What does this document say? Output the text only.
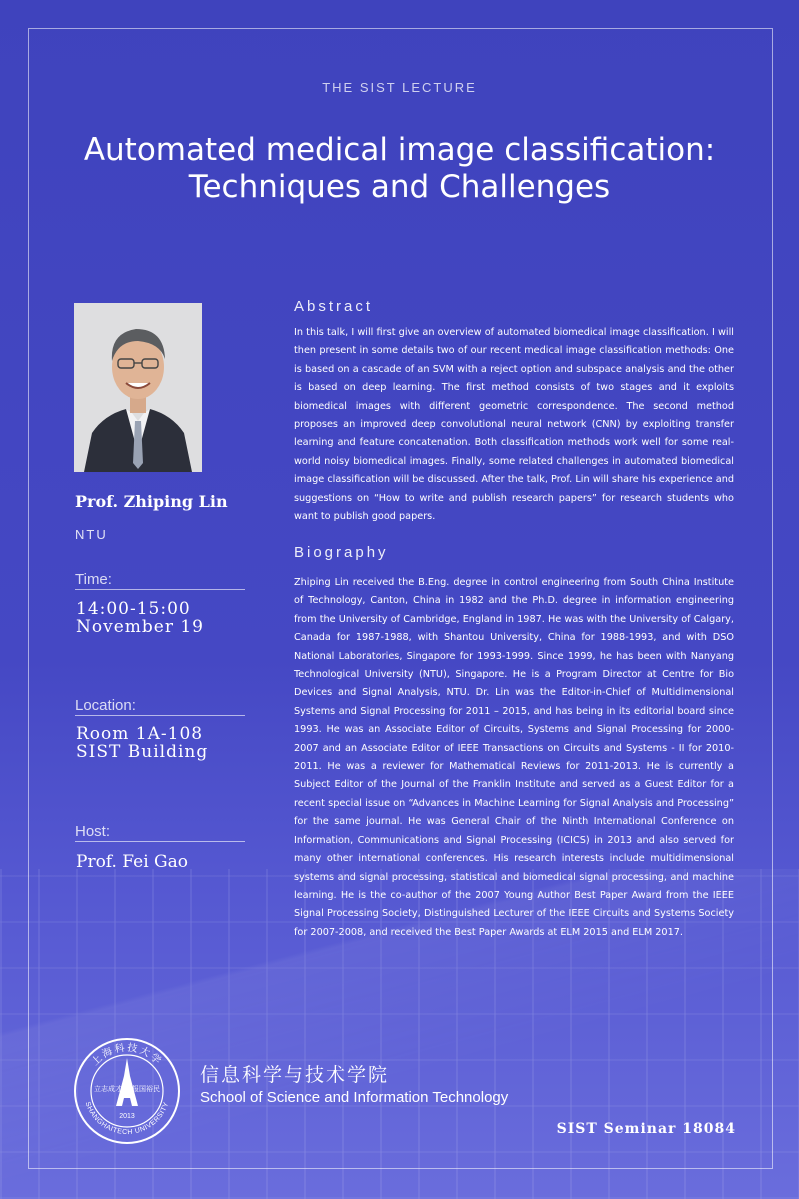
THE SIST LECTURE
Automated medical image classification:
Techniques and Challenges
Prof. Zhiping Lin
NTU
Time:
14:00-15:00
November 19
Location:
Room 1A-108
SIST Building
Host:
Prof. Fei Gao
Abstract
In this talk, I will first give an overview of automated biomedical image classification. I will then present in some details two of our recent medical image classification methods: One is based on a cascade of an SVM with a reject option and subspace analysis and the other is based on deep learning. The first method consists of two stages and it exploits biomedical images with different geometric correspondence. The second method proposes an improved deep convolutional neural network (CNN) by exploiting transfer learning and feature concatenation. Both classification methods work well for some real-world noisy biomedical images. Finally, some related challenges in automated biomedical image classification will be discussed. After the talk, Prof. Lin will share his experience and suggestions on “How to write and publish research papers” for research students who want to publish good papers.
Biography
Zhiping Lin received the B.Eng. degree in control engineering from South China Institute of Technology, Canton, China in 1982 and the Ph.D. degree in information engineering from the University of Cambridge, England in 1987. He was with the University of Calgary, Canada for 1987-1988, with Shantou University, China for 1988-1993, and with DSO National Laboratories, Singapore for 1993-1999. Since 1999, he has been with Nanyang Technological University (NTU), Singapore. He is a Program Director at Centre for Bio Devices and Signal Analysis, NTU. Dr. Lin was the Editor-in-Chief of Multidimensional Systems and Signal Processing for 2011 – 2015, and has being in its editorial board since 1993. He was an Associate Editor of Circuits, Systems and Signal Processing for 2000-2007 and an Associate Editor of IEEE Transactions on Circuits and Systems - II for 2010-2011. He was a reviewer for Mathematical Reviews for 2011-2013. He is currently a Subject Editor of the Journal of the Franklin Institute and served as a Guest Editor for a recent special issue on “Advances in Machine Learning for Signal Analysis and Processing” for the same journal. He was General Chair of the Ninth International Conference on Information, Communications and Signal Processing (ICICS) in 2013 and also served for many other international conferences. His research interests include multidimensional systems and signal processing, statistical and biomedical signal processing, and machine learning. He is the co-author of the 2007 Young Author Best Paper Award from the IEEE Signal Processing Society, Distinguished Lecturer of the IEEE Circuits and Systems Society for 2007-2008, and received the Best Paper Awards at ELM 2015 and ELM 2017.
上海科技大学
SHANGHAITECH UNIVERSITY
立志成才 报国裕民
2013
信息科学与技术学院
School of Science and Information Technology
SIST Seminar 18084
